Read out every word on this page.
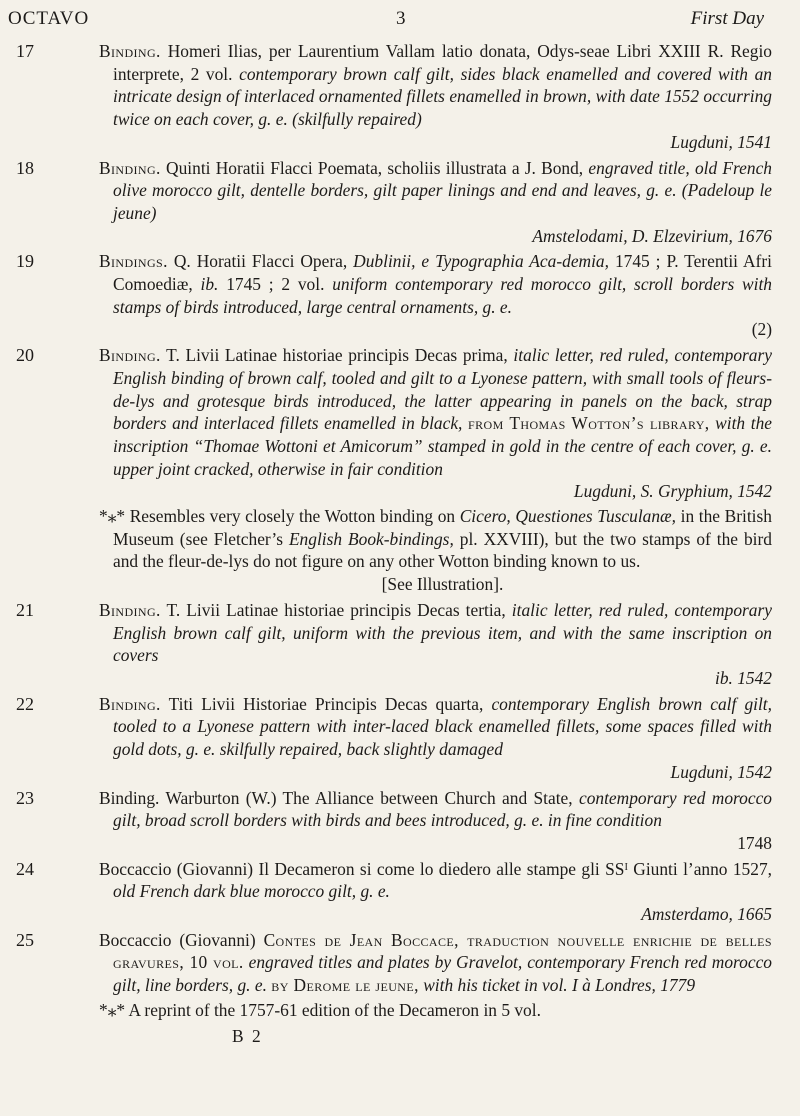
OCTAVO	3	First Day
17	Binding. Homeri Ilias, per Laurentium Vallam latio donata, Odys-seae Libri XXIII R. Regio interprete, 2 vol. contemporary brown calf gilt, sides black enamelled and covered with an intricate design of interlaced ornamented fillets enamelled in brown, with date 1552 occurring twice on each cover, g. e. (skilfully repaired)
Lugduni, 1541
18	Binding. Quinti Horatii Flacci Poemata, scholiis illustrata a J. Bond, engraved title, old French olive morocco gilt, dentelle borders, gilt paper linings and end and leaves, g. e. (Padeloup le jeune)
Amstelodami, D. Elzevirium, 1676
19	Bindings. Q. Horatii Flacci Opera, Dublinii, e Typographia Aca-demia, 1745 ; P. Terentii Afri Comoediæ, ib. 1745 ; 2 vol. uniform contemporary red morocco gilt, scroll borders with stamps of birds introduced, large central ornaments, g. e.
(2)
20	Binding. T. Livii Latinae historiae principis Decas prima, italic letter, red ruled, contemporary English binding of brown calf, tooled and gilt to a Lyonese pattern, with small tools of fleurs-de-lys and grotesque birds introduced, the latter appearing in panels on the back, strap borders and interlaced fillets enamelled in black, from Thomas Wotton’s library, with the inscription “Thomae Wottoni et Amicorum” stamped in gold in the centre of each cover, g. e. upper joint cracked, otherwise in fair condition
Lugduni, S. Gryphium, 1542
*⁎* Resembles very closely the Wotton binding on Cicero, Questiones Tusculanæ, in the British Museum (see Fletcher’s English Book-bindings, pl. XXVIII), but the two stamps of the bird and the fleur-de-lys do not figure on any other Wotton binding known to us.
[See Illustration].
21	Binding. T. Livii Latinae historiae principis Decas tertia, italic letter, red ruled, contemporary English brown calf gilt, uniform with the previous item, and with the same inscription on covers
ib. 1542
22	Binding. Titi Livii Historiae Principis Decas quarta, contemporary English brown calf gilt, tooled to a Lyonese pattern with inter-laced black enamelled fillets, some spaces filled with gold dots, g. e. skilfully repaired, back slightly damaged
Lugduni, 1542
23	Binding. Warburton (W.) The Alliance between Church and State, contemporary red morocco gilt, broad scroll borders with birds and bees introduced, g. e. in fine condition
1748
24	Boccaccio (Giovanni) Il Decameron si come lo diedero alle stampe gli SSᴵ Giunti l’anno 1527, old French dark blue morocco gilt, g. e.
Amsterdamo, 1665
25	Boccaccio (Giovanni) Contes de Jean Boccace, traduction nouvelle enrichie de belles gravures, 10 vol. engraved titles and plates by Gravelot, contemporary French red morocco gilt, line borders, g. e. by Derome le jeune, with his ticket in vol. I à Londres, 1779
*⁎* A reprint of the 1757-61 edition of the Decameron in 5 vol.
B 2
